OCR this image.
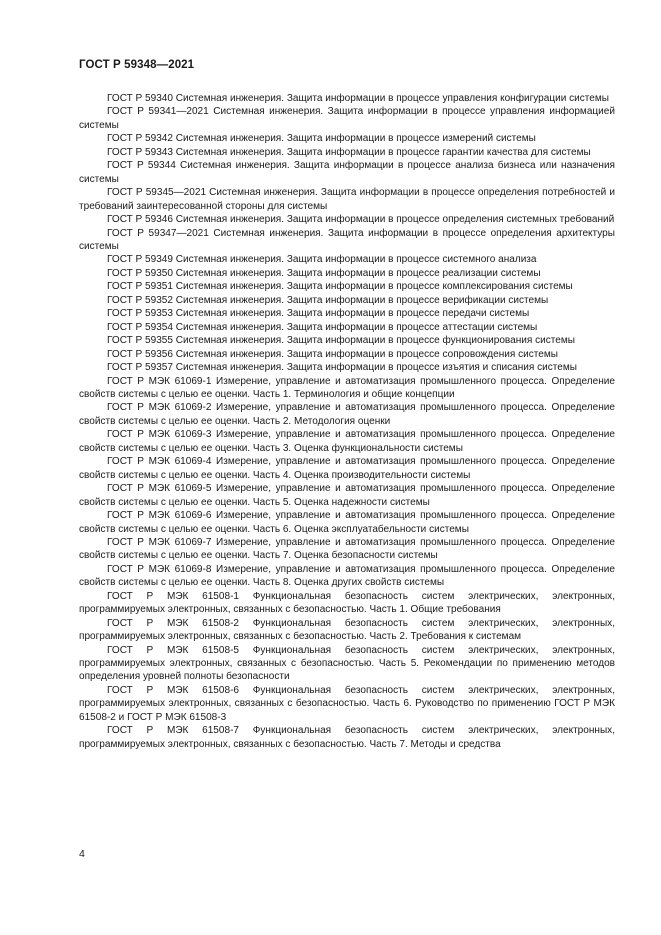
ГОСТ Р 59348—2021

ГОСТ Р 59340 Системная инженерия. Защита информации в процессе управления конфигурации системы

ГОСТ Р 59341—2021 Системная инженерия. Защита информации в процессе управления информацией системы

ГОСТ Р 59342 Системная инженерия. Защита информации в процессе измерений системы

ГОСТ Р 59343 Системная инженерия. Защита информации в процессе гарантии качества для системы

ГОСТ Р 59344 Системная инженерия. Защита информации в процессе анализа бизнеса или назначения системы

ГОСТ Р 59345—2021 Системная инженерия. Защита информации в процессе определения потребностей и требований заинтересованной стороны для системы

ГОСТ Р 59346 Системная инженерия. Защита информации в процессе определения системных требований

ГОСТ Р 59347—2021 Системная инженерия. Защита информации в процессе определения архитектуры системы

ГОСТ Р 59349 Системная инженерия. Защита информации в процессе системного анализа

ГОСТ Р 59350 Системная инженерия. Защита информации в процессе реализации системы

ГОСТ Р 59351 Системная инженерия. Защита информации в процессе комплексирования системы

ГОСТ Р 59352 Системная инженерия. Защита информации в процессе верификации системы

ГОСТ Р 59353 Системная инженерия. Защита информации в процессе передачи системы

ГОСТ Р 59354 Системная инженерия. Защита информации в процессе аттестации системы

ГОСТ Р 59355 Системная инженерия. Защита информации в процессе функционирования системы

ГОСТ Р 59356 Системная инженерия. Защита информации в процессе сопровождения системы

ГОСТ Р 59357 Системная инженерия. Защита информации в процессе изъятия и списания системы

ГОСТ Р МЭК 61069-1 Измерение, управление и автоматизация промышленного процесса. Определение свойств системы с целью ее оценки. Часть 1. Терминология и общие концепции

ГОСТ Р МЭК 61069-2 Измерение, управление и автоматизация промышленного процесса. Определение свойств системы с целью ее оценки. Часть 2. Методология оценки

ГОСТ Р МЭК 61069-3 Измерение, управление и автоматизация промышленного процесса. Определение свойств системы с целью ее оценки. Часть 3. Оценка функциональности системы

ГОСТ Р МЭК 61069-4 Измерение, управление и автоматизация промышленного процесса. Определение свойств системы с целью ее оценки. Часть 4. Оценка производительности системы

ГОСТ Р МЭК 61069-5 Измерение, управление и автоматизация промышленного процесса. Определение свойств системы с целью ее оценки. Часть 5. Оценка надежности системы

ГОСТ Р МЭК 61069-6 Измерение, управление и автоматизация промышленного процесса. Определение свойств системы с целью ее оценки. Часть 6. Оценка эксплуатабельности системы

ГОСТ Р МЭК 61069-7 Измерение, управление и автоматизация промышленного процесса. Определение свойств системы с целью ее оценки. Часть 7. Оценка безопасности системы

ГОСТ Р МЭК 61069-8 Измерение, управление и автоматизация промышленного процесса. Определение свойств системы с целью ее оценки. Часть 8. Оценка других свойств системы

ГОСТ Р МЭК 61508-1 Функциональная безопасность систем электрических, электронных, программируемых электронных, связанных с безопасностью. Часть 1. Общие требования

ГОСТ Р МЭК 61508-2 Функциональная безопасность систем электрических, электронных, программируемых электронных, связанных с безопасностью. Часть 2. Требования к системам

ГОСТ Р МЭК 61508-5 Функциональная безопасность систем электрических, электронных, программируемых электронных, связанных с безопасностью. Часть 5. Рекомендации по применению методов определения уровней полноты безопасности

ГОСТ Р МЭК 61508-6 Функциональная безопасность систем электрических, электронных, программируемых электронных, связанных с безопасностью. Часть 6. Руководство по применению ГОСТ Р МЭК 61508-2 и ГОСТ Р МЭК 61508-3

ГОСТ Р МЭК 61508-7 Функциональная безопасность систем электрических, электронных, программируемых электронных, связанных с безопасностью. Часть 7. Методы и средства

4
